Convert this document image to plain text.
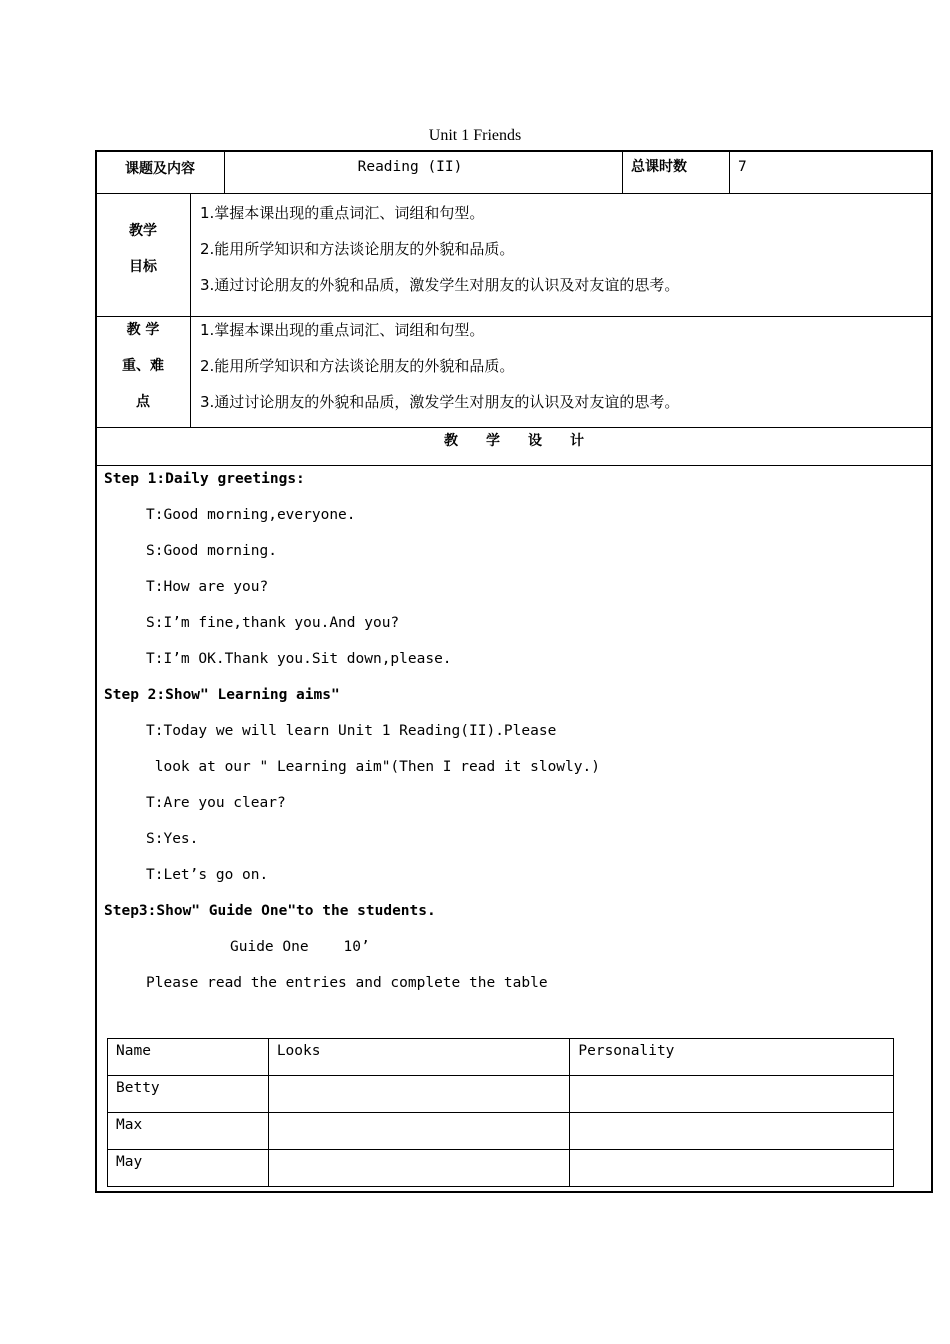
Unit 1 Friends
课题及内容	Reading (II)	总课时数	7
教学
目标
1.掌握本课出现的重点词汇、词组和句型。
2.能用所学知识和方法谈论朋友的外貌和品质。
3.通过讨论朋友的外貌和品质，激发学生对朋友的认识及对友谊的思考。
教 学
重、难
点
1.掌握本课出现的重点词汇、词组和句型。
2.能用所学知识和方法谈论朋友的外貌和品质。
3.通过讨论朋友的外貌和品质，激发学生对朋友的认识及对友谊的思考。
教　　学　　设　　计
Step 1:Daily greetings:
T:Good morning,everyone.
S:Good morning.
T:How are you?
S:I’m fine,thank you.And you?
T:I’m OK.Thank you.Sit down,please.
Step 2:Show" Learning aims"
T:Today we will learn Unit 1 Reading(II).Please
look at our " Learning aim"(Then I read it slowly.)
T:Are you clear?
S:Yes.
T:Let’s go on.
Step3:Show" Guide One"to the students.
Guide One    10’
Please read the entries and complete the table
Name	Looks	Personality
Betty		
Max		
May		
